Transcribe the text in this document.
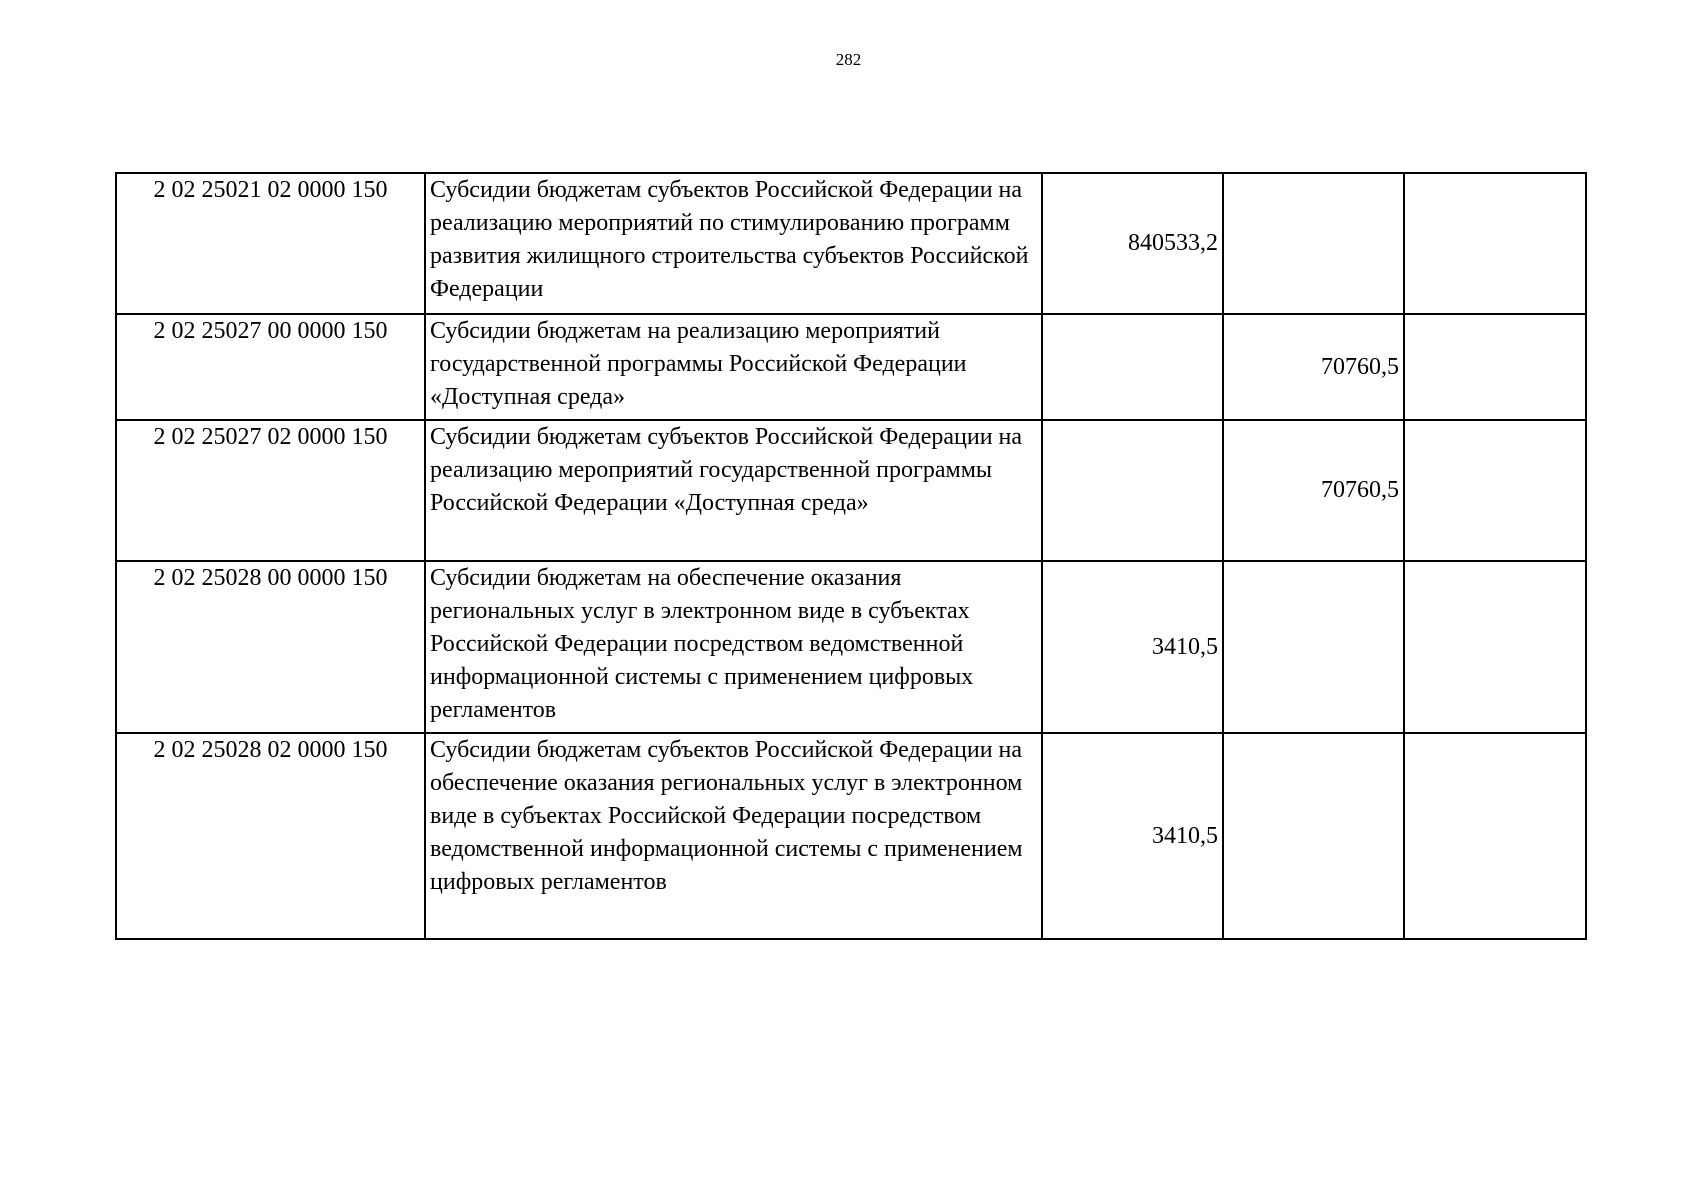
282
2 02 25021 02 0000 150	Субсидии бюджетам субъектов Российской Федерации на реализацию мероприятий по стимулированию программ развития жилищного строительства субъектов Российской Федерации	840533,2		
2 02 25027 00 0000 150	Субсидии бюджетам на реализацию мероприятий государственной программы Российской Федерации «Доступная среда»		70760,5	
2 02 25027 02 0000 150	Субсидии бюджетам субъектов Российской Федерации на реализацию мероприятий государственной программы Российской Федерации «Доступная среда»		70760,5	
2 02 25028 00 0000 150	Субсидии бюджетам на обеспечение оказания региональных услуг в электронном виде в субъектах Российской Федерации посредством ведомственной информационной системы с применением цифровых регламентов	3410,5		
2 02 25028 02 0000 150	Субсидии бюджетам субъектов Российской Федерации на обеспечение оказания региональных услуг в электронном виде в субъектах Российской Федерации посредством ведомственной информационной системы с применением цифровых регламентов	3410,5		
